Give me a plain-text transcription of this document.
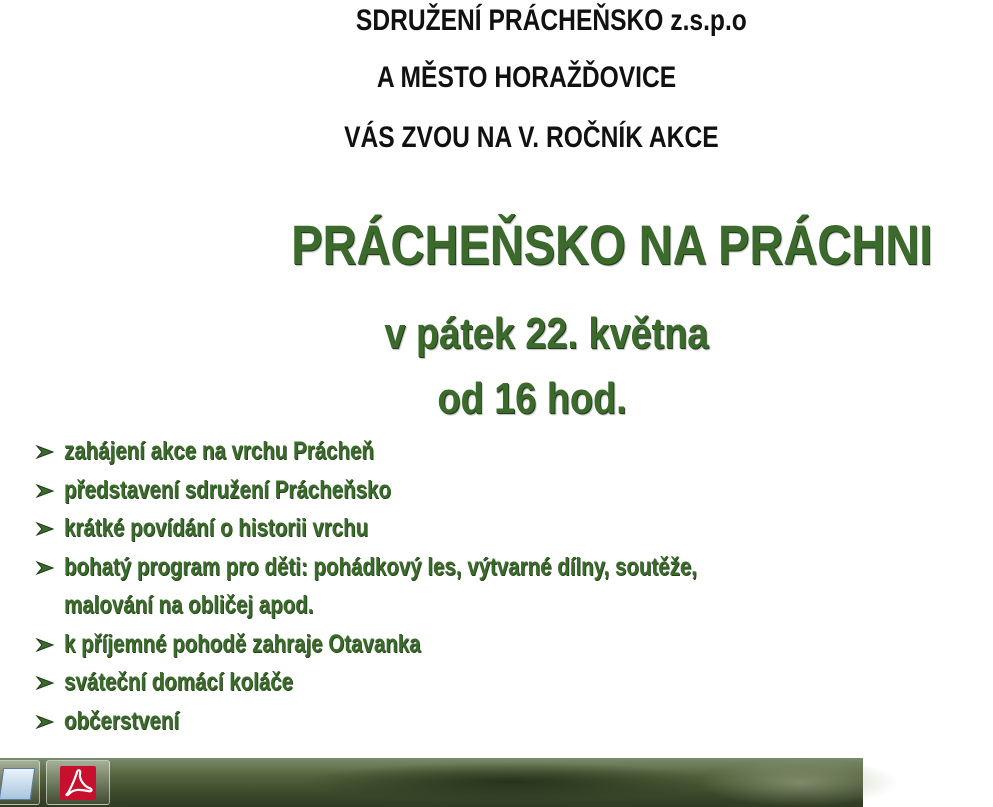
SDRUŽENÍ PRÁCHEŇSKO z.s.p.o
A MĚSTO HORAŽĎOVICE
VÁS ZVOU NA V. ROČNÍK AKCE
PRÁCHEŇSKO NA PRÁCHNI
v pátek 22. května
od 16 hod.
zahájení akce na vrchu Prácheň
představení sdružení Prácheňsko
krátké povídání o historii vrchu
bohatý program pro děti: pohádkový les, výtvarné dílny, soutěže,
malování na obličej apod.
k příjemné pohodě zahraje Otavanka
sváteční domácí koláče
občerstvení
